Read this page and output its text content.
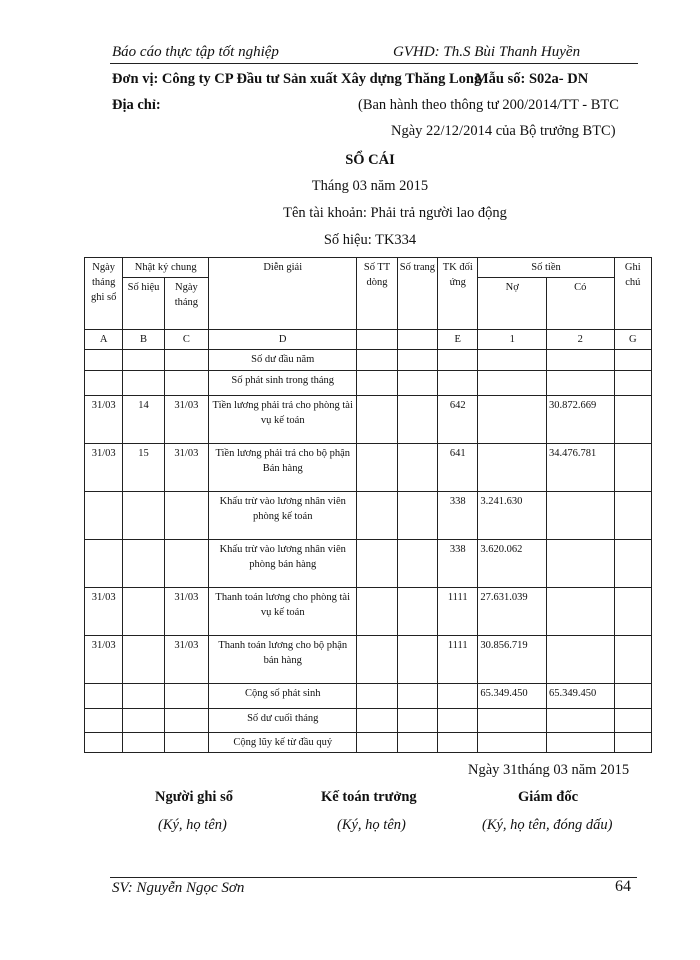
Báo cáo thực tập tốt nghiệp	GVHD: Th.S Bùi Thanh Huyền
Đơn vị: Công ty CP Đầu tư Sản xuất Xây dựng Thăng Long
Mẫu số: S02a- DN
Địa chỉ:	(Ban hành theo thông tư 200/2014/TT - BTC
Ngày 22/12/2014 của Bộ trưởng BTC)
SỔ CÁI
Tháng 03 năm 2015
Tên tài khoản: Phải trả người lao động
Số hiệu: TK334
Ngày tháng ghi sổ	Nhật ký chung		Diễn giải	Số TT dòng	Số trang	TK đối ứng	Số tiền		Ghi chú
	Số hiệu	Ngày tháng					Nợ	Có	
A	B	C	D			E	1	2	G
			Số dư đầu năm						
			Số phát sinh trong tháng						
31/03	14	31/03	Tiền lương phải trả cho phòng tài vụ kế toán			642		30.872.669	
31/03	15	31/03	Tiền lương phải trả cho bộ phận Bán hàng			641		34.476.781	
			Khấu trừ vào lương nhân viên phòng kế toán			338	3.241.630		
			Khấu trừ vào lương nhân viên phòng bán hàng			338	3.620.062		
31/03		31/03	Thanh toán lương cho phòng tài vụ kế toán			1111	27.631.039		
31/03		31/03	Thanh toán lương cho bộ phận bán hàng			1111	30.856.719		
			Cộng số phát sinh				65.349.450	65.349.450	
			Số dư cuối tháng						
			Cộng lũy kế từ đầu quý						
Ngày 31tháng 03 năm 2015
Người ghi sổ	Kế toán trưởng	Giám đốc
(Ký, họ tên)	(Ký, họ tên)	(Ký, họ tên, đóng dấu)
SV: Nguyễn Ngọc Sơn	64
